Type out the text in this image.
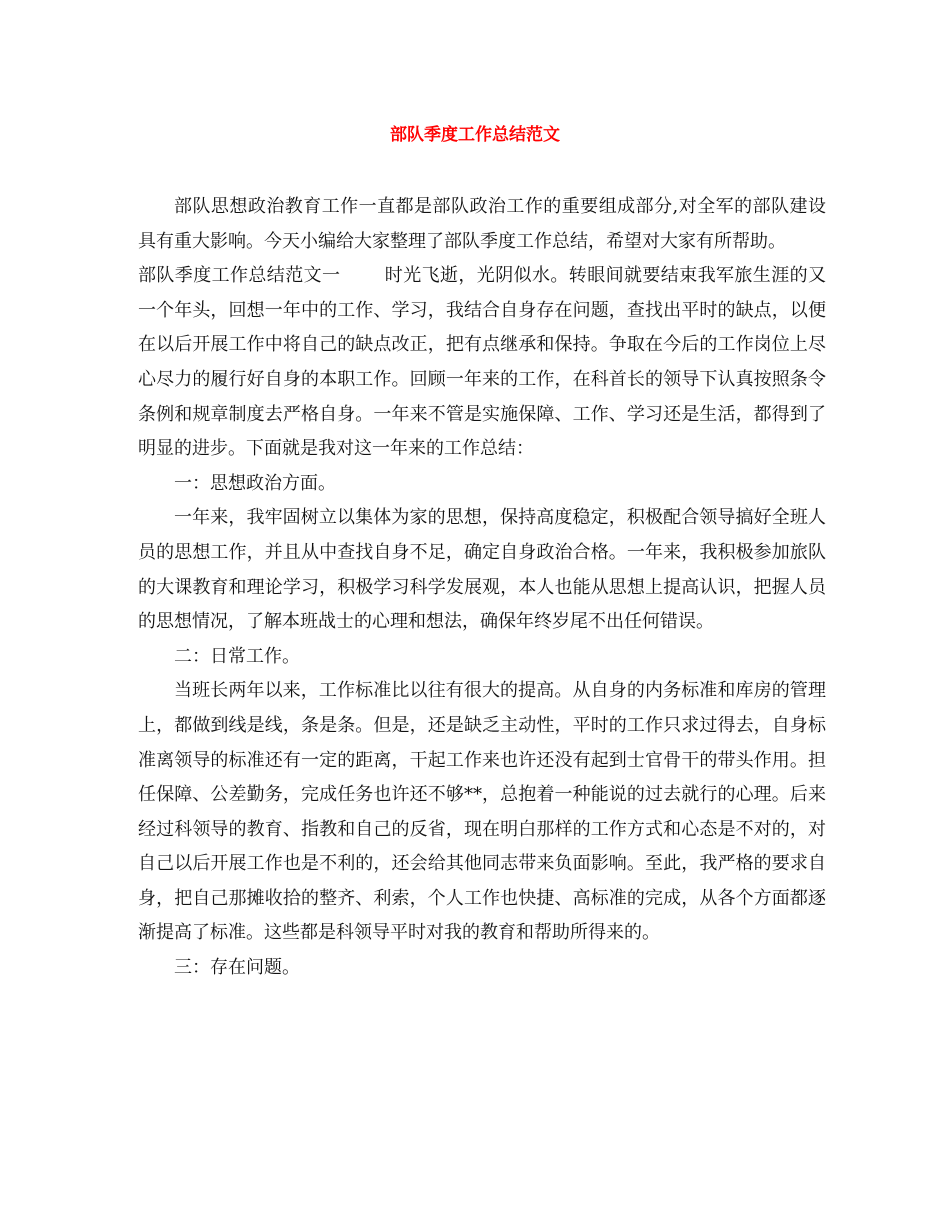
部队季度工作总结范文

部队思想政治教育工作一直都是部队政治工作的重要组成部分,对全军的部队建设具有重大影响。今天小编给大家整理了部队季度工作总结，希望对大家有所帮助。

部队季度工作总结范文一 时光飞逝，光阴似水。转眼间就要结束我军旅生涯的又一个年头，回想一年中的工作、学习，我结合自身存在问题，查找出平时的缺点，以便在以后开展工作中将自己的缺点改正，把有点继承和保持。争取在今后的工作岗位上尽心尽力的履行好自身的本职工作。回顾一年来的工作，在科首长的领导下认真按照条令条例和规章制度去严格自身。一年来不管是实施保障、工作、学习还是生活，都得到了明显的进步。下面就是我对这一年来的工作总结：

一：思想政治方面。

一年来，我牢固树立以集体为家的思想，保持高度稳定，积极配合领导搞好全班人员的思想工作，并且从中查找自身不足，确定自身政治合格。一年来，我积极参加旅队的大课教育和理论学习，积极学习科学发展观，本人也能从思想上提高认识，把握人员的思想情况，了解本班战士的心理和想法，确保年终岁尾不出任何错误。

二：日常工作。

当班长两年以来，工作标准比以往有很大的提高。从自身的内务标准和库房的管理上，都做到线是线，条是条。但是，还是缺乏主动性，平时的工作只求过得去，自身标准离领导的标准还有一定的距离，干起工作来也许还没有起到士官骨干的带头作用。担任保障、公差勤务，完成任务也许还不够**，总抱着一种能说的过去就行的心理。后来经过科领导的教育、指教和自己的反省，现在明白那样的工作方式和心态是不对的，对自己以后开展工作也是不利的，还会给其他同志带来负面影响。至此，我严格的要求自身，把自己那摊收拾的整齐、利索，个人工作也快捷、高标准的完成，从各个方面都逐渐提高了标准。这些都是科领导平时对我的教育和帮助所得来的。

三：存在问题。
